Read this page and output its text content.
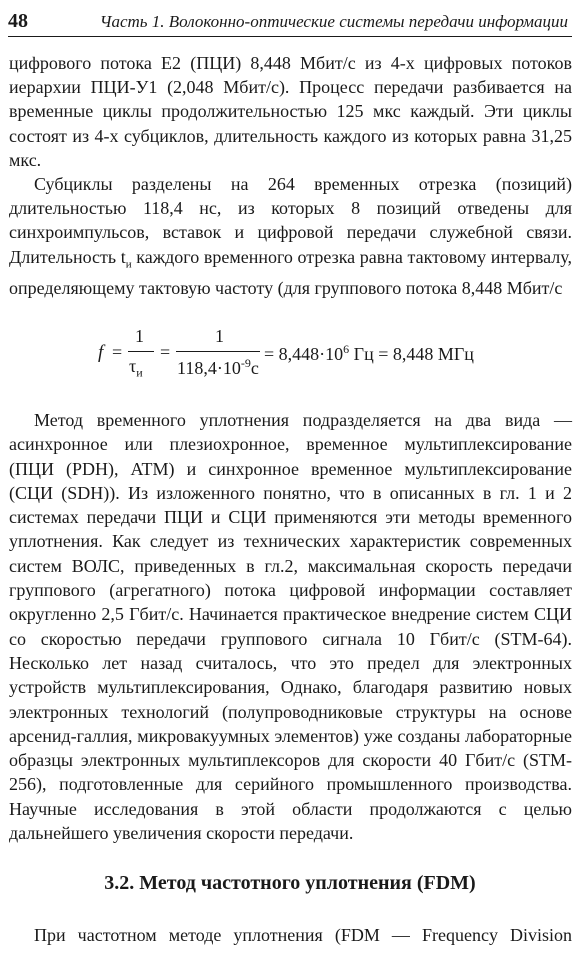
48	Часть 1. Волоконно-оптические системы передачи информации

цифрового потока Е2 (ПЦИ) 8,448 Мбит/с из 4-х цифровых потоков иерархии ПЦИ-У1 (2,048 Мбит/с). Процесс передачи разбивается на временные циклы продолжительностью 125 мкс каждый. Эти циклы состоят из 4-х субциклов, длительность каждого из которых равна 31,25 мкс.

Субциклы разделены на 264 временных отрезка (позиций) длительностью 118,4 нс, из которых 8 позиций отведены для синхроимпульсов, вставок и цифровой передачи служебной связи. Длительность $t_и$ каждого временного отрезка равна тактовому интервалу, определяющему тактовую частоту (для группового потока 8,448 Мбит/с

f =
1
$\tau_и$
=
1
$118,4\cdot 10^{-9}c$
= $8,448\cdot 10^6$ Гц = 8,448 МГц

Метод временного уплотнения подразделяется на два вида — асинхронное или плезиохронное, временное мультиплексирование (ПЦИ (PDH), ATM) и синхронное временное мультиплексирование (СЦИ (SDH)). Из изложенного понятно, что в описанных в гл. 1 и 2 системах передачи ПЦИ и СЦИ применяются эти методы временного уплотнения. Как следует из технических характеристик современных систем ВОЛС, приведенных в гл.2, максимальная скорость передачи группового (агрегатного) потока цифровой информации составляет округленно 2,5 Гбит/с. Начинается практическое внедрение систем СЦИ со скоростью передачи группового сигнала 10 Гбит/с (STM-64). Несколько лет назад считалось, что это предел для электронных устройств мультиплексирования, Однако, благодаря развитию новых электронных технологий (полупроводниковые структуры на основе арсенид-галлия, микровакуумных элементов) уже созданы лабораторные образцы электронных мультиплексоров для скорости 40 Гбит/с (STM-256), подготовленные для серийного промышленного производства. Научные исследования в этой области продолжаются с целью дальнейшего увеличения скорости передачи.

3.2. Метод частотного уплотнения (FDM)
При частотном методе уплотнения (FDM — Frequency Division
